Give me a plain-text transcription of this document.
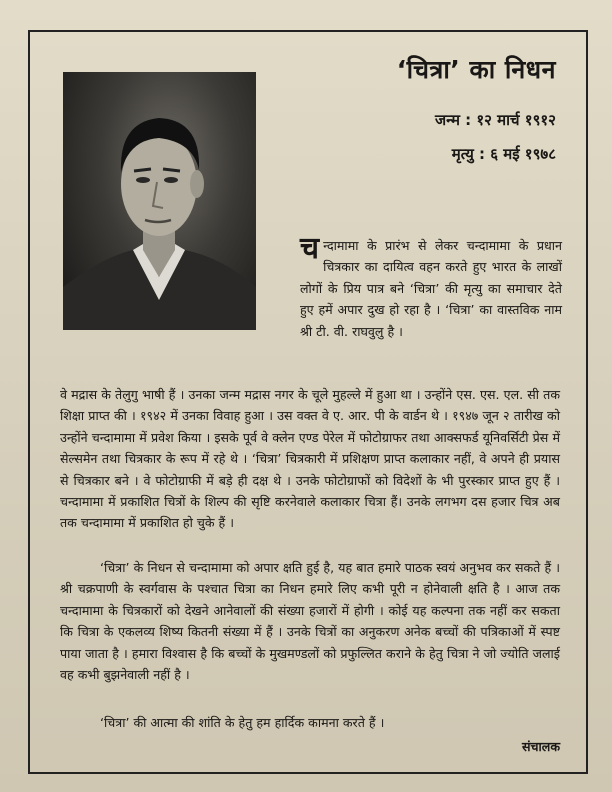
‘चित्रा’ का निधन
जन्म : १२ मार्च १९१२
मृत्यु : ६ मई १९७८
चन्दामामा के प्रारंभ से लेकर चन्दामामा के प्रधान चित्रकार का दायित्व वहन करते हुए भारत के लाखों लोगों के प्रिय पात्र बने ‘चित्रा’ की मृत्यु का समाचार देते हुए हमें अपार दुख हो रहा है । ‘चित्रा’ का वास्तविक नाम श्री टी. वी. राघवुलु है ।
वे मद्रास के तेलुगु भाषी हैं । उनका जन्म मद्रास नगर के चूले मुहल्ले में हुआ था । उन्होंने एस. एस. एल. सी तक शिक्षा प्राप्त की । १९४२ में उनका विवाह हुआ । उस वक्त वे ए. आर. पी के वार्डन थे । १९४७ जून २ तारीख को उन्होंने चन्दामामा में प्रवेश किया । इसके पूर्व वे क्लेन एण्ड पेरेल में फोटोग्राफर तथा आक्सफर्ड यूनिवर्सिटी प्रेस में सेल्समेन तथा चित्रकार के रूप में रहे थे । ‘चित्रा’ चित्रकारी में प्रशिक्षण प्राप्त कलाकार नहीं, वे अपने ही प्रयास से चित्रकार बने । वे फोटोग्राफी में बड़े ही दक्ष थे । उनके फोटोग्राफों को विदेशों के भी पुरस्कार प्राप्त हुए हैं । चन्दामामा में प्रकाशित चित्रों के शिल्प की सृष्टि करनेवाले कलाकार चित्रा हैं। उनके लगभग दस हजार चित्र अब तक चन्दामामा में प्रकाशित हो चुके हैं ।
‘चित्रा’ के निधन से चन्दामामा को अपार क्षति हुई है, यह बात हमारे पाठक स्वयं अनुभव कर सकते हैं । श्री चक्रपाणी के स्वर्गवास के पश्चात चित्रा का निधन हमारे लिए कभी पूरी न होनेवाली क्षति है । आज तक चन्दामामा के चित्रकारों को देखने आनेवालों की संख्या हजारों में होगी । कोई यह कल्पना तक नहीं कर सकता कि चित्रा के एकलव्य शिष्य कितनी संख्या में हैं । उनके चित्रों का अनुकरण अनेक बच्चों की पत्रिकाओं में स्पष्ट पाया जाता है । हमारा विश्वास है कि बच्चों के मुखमण्डलों को प्रफुल्लित कराने के हेतु चित्रा ने जो ज्योति जलाई वह कभी बुझनेवाली नहीं है ।
‘चित्रा’ की आत्मा की शांति के हेतु हम हार्दिक कामना करते हैं ।
संचालक
